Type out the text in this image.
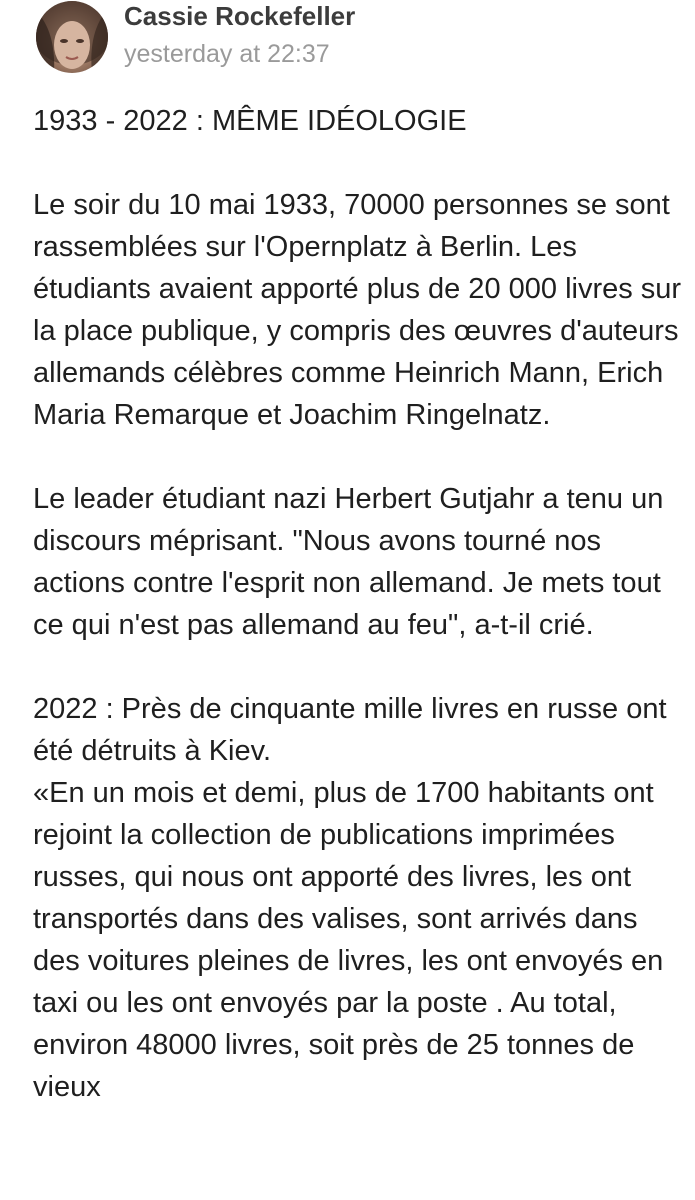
Cassie Rockefeller
yesterday at 22:37

1933 - 2022 : MÊME IDÉOLOGIE

Le soir du 10 mai 1933, 70000 personnes se sont rassemblées sur l'Opernplatz à Berlin. Les étudiants avaient apporté plus de 20 000 livres sur la place publique, y compris des œuvres d'auteurs allemands célèbres comme Heinrich Mann, Erich Maria Remarque et Joachim Ringelnatz.

Le leader étudiant nazi Herbert Gutjahr a tenu un discours méprisant. "Nous avons tourné nos actions contre l'esprit non allemand. Je mets tout ce qui n'est pas allemand au feu", a-t-il crié.

2022 : Près de cinquante mille livres en russe ont été détruits à Kiev.

«En un mois et demi, plus de 1700 habitants ont rejoint la collection de publications imprimées russes, qui nous ont apporté des livres, les ont transportés dans des valises, sont arrivés dans des voitures pleines de livres, les ont envoyés en taxi ou les ont envoyés par la poste . Au total, environ 48000 livres, soit près de 25 tonnes de vieux
